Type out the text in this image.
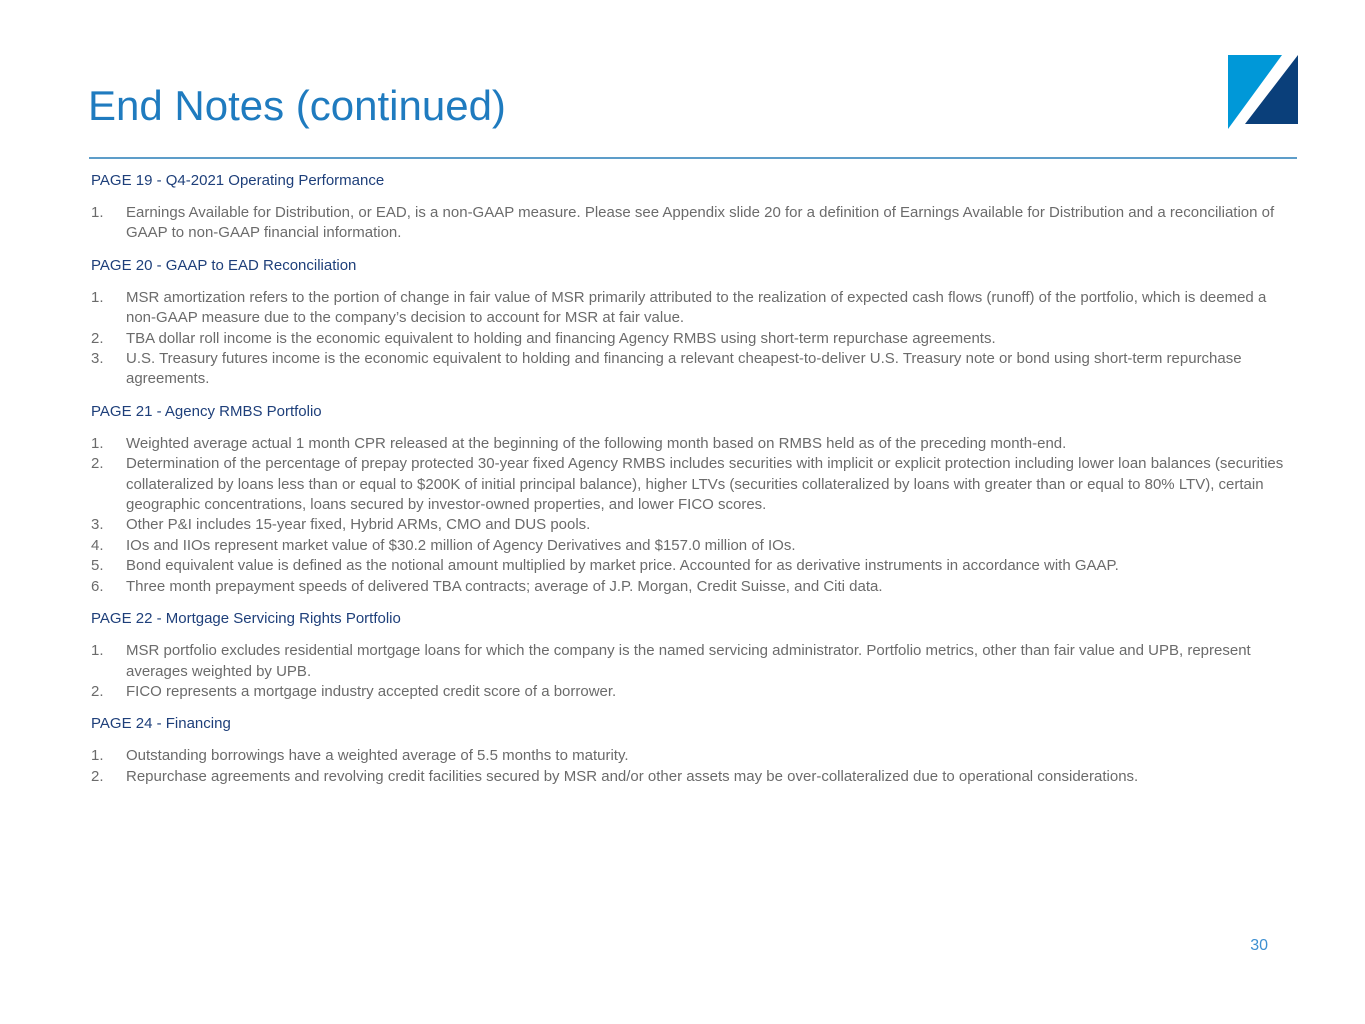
End Notes (continued)
PAGE 19 - Q4-2021 Operating Performance
1.	Earnings Available for Distribution, or EAD, is a non-GAAP measure. Please see Appendix slide 20 for a definition of Earnings Available for Distribution and a reconciliation of GAAP to non-GAAP financial information.
PAGE 20 - GAAP to EAD Reconciliation
1.	MSR amortization refers to the portion of change in fair value of MSR primarily attributed to the realization of expected cash flows (runoff) of the portfolio, which is deemed a non-GAAP measure due to the company’s decision to account for MSR at fair value.
2.	TBA dollar roll income is the economic equivalent to holding and financing Agency RMBS using short-term repurchase agreements.
3.	U.S. Treasury futures income is the economic equivalent to holding and financing a relevant cheapest-to-deliver U.S. Treasury note or bond using short-term repurchase agreements.
PAGE 21 - Agency RMBS Portfolio
1.	Weighted average actual 1 month CPR released at the beginning of the following month based on RMBS held as of the preceding month-end.
2.	Determination of the percentage of prepay protected 30-year fixed Agency RMBS includes securities with implicit or explicit protection including lower loan balances (securities collateralized by loans less than or equal to $200K of initial principal balance), higher LTVs (securities collateralized by loans with greater than or equal to 80% LTV), certain geographic concentrations, loans secured by investor-owned properties, and lower FICO scores.
3.	Other P&I includes 15-year fixed, Hybrid ARMs, CMO and DUS pools.
4.	IOs and IIOs represent market value of $30.2 million of Agency Derivatives and $157.0 million of IOs.
5.	Bond equivalent value is defined as the notional amount multiplied by market price. Accounted for as derivative instruments in accordance with GAAP.
6.	Three month prepayment speeds of delivered TBA contracts; average of J.P. Morgan, Credit Suisse, and Citi data.
PAGE 22 - Mortgage Servicing Rights Portfolio
1.	MSR portfolio excludes residential mortgage loans for which the company is the named servicing administrator. Portfolio metrics, other than fair value and UPB, represent averages weighted by UPB.
2.	FICO represents a mortgage industry accepted credit score of a borrower.
PAGE 24 - Financing
1.	Outstanding borrowings have a weighted average of 5.5 months to maturity.
2.	Repurchase agreements and revolving credit facilities secured by MSR and/or other assets may be over-collateralized due to operational considerations.
30
